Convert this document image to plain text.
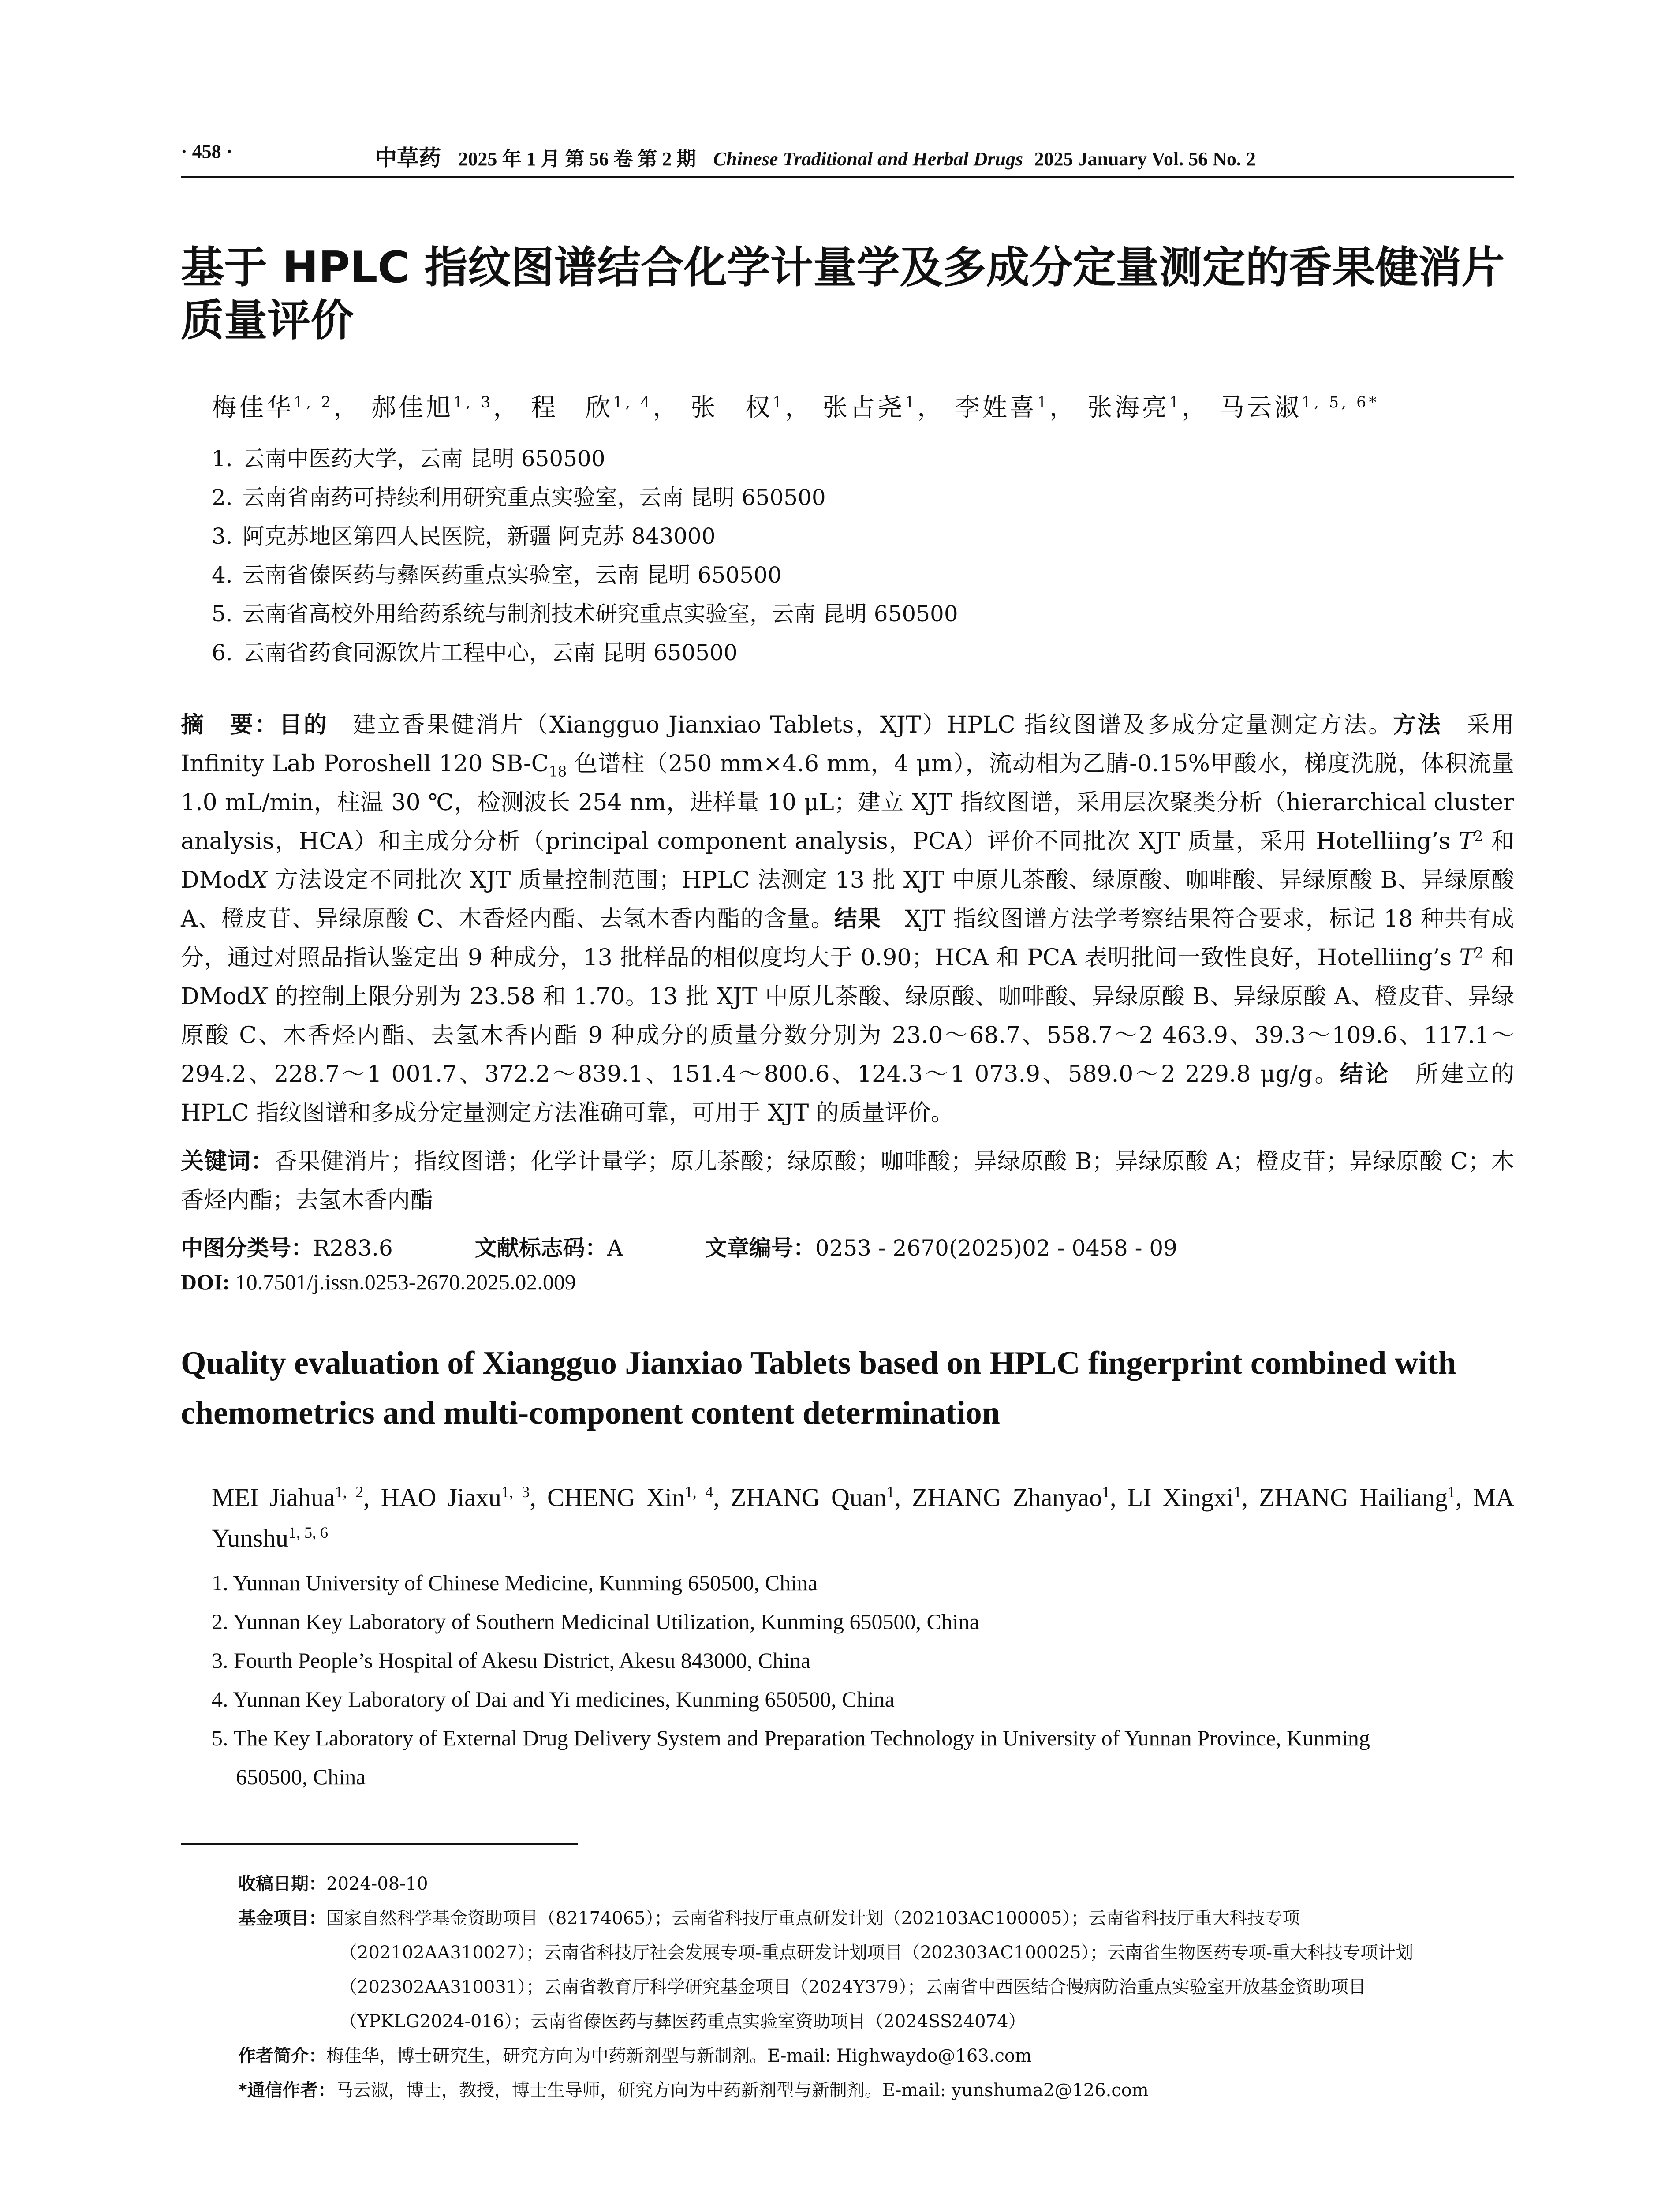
· 458 ·	中草药 2025 年 1 月 第 56 卷 第 2 期 Chinese Traditional and Herbal Drugs 2025 January Vol. 56 No. 2
基于 HPLC 指纹图谱结合化学计量学及多成分定量测定的香果健消片质量评价
梅佳华$^{1, 2}$， 郝佳旭$^{1, 3}$， 程　欣$^{1, 4}$， 张　权$^1$， 张占尧$^1$， 李姓喜$^1$， 张海亮$^1$， 马云淑$^{1, 5, 6*}$
1. 云南中医药大学，云南 昆明 650500
2. 云南省南药可持续利用研究重点实验室，云南 昆明 650500
3. 阿克苏地区第四人民医院，新疆 阿克苏 843000
4. 云南省傣医药与彝医药重点实验室，云南 昆明 650500
5. 云南省高校外用给药系统与制剂技术研究重点实验室，云南 昆明 650500
6. 云南省药食同源饮片工程中心，云南 昆明 650500
摘　要：目的　建立香果健消片（Xiangguo Jianxiao Tablets，XJT）HPLC 指纹图谱及多成分定量测定方法。方法　采用 Infinity Lab Poroshell 120 $SB-C_{18}$ 色谱柱（250 mm×4.6 mm，4 μm），流动相为乙腈-0.15%甲酸水，梯度洗脱，体积流量 1.0 mL/min，柱温 30 ℃，检测波长 254 nm，进样量 10 μL；建立 XJT 指纹图谱，采用层次聚类分析（hierarchical cluster analysis，HCA）和主成分分析（principal component analysis，PCA）评价不同批次 XJT 质量，采用 Hotelliing’s $T^2$ 和 DModX 方法设定不同批次 XJT 质量控制范围；HPLC 法测定 13 批 XJT 中原儿茶酸、绿原酸、咖啡酸、异绿原酸 B、异绿原酸 A、橙皮苷、异绿原酸 C、木香烃内酯、去氢木香内酯的含量。结果　XJT 指纹图谱方法学考察结果符合要求，标记 18 种共有成分，通过对照品指认鉴定出 9 种成分，13 批样品的相似度均大于 0.90；HCA 和 PCA 表明批间一致性良好，Hotelliing’s $T^2$ 和 DModX 的控制上限分别为 23.58 和 1.70。13 批 XJT 中原儿茶酸、绿原酸、咖啡酸、异绿原酸 B、异绿原酸 A、橙皮苷、异绿原酸 C、木香烃内酯、去氢木香内酯 9 种成分的质量分数分别为 23.0～68.7、558.7～2 463.9、39.3～109.6、117.1～294.2、228.7～1 001.7、372.2～839.1、151.4～800.6、124.3～1 073.9、589.0～2 229.8 μg/g。结论　所建立的 HPLC 指纹图谱和多成分定量测定方法准确可靠，可用于 XJT 的质量评价。
关键词：香果健消片；指纹图谱；化学计量学；原儿茶酸；绿原酸；咖啡酸；异绿原酸 B；异绿原酸 A；橙皮苷；异绿原酸 C；木香烃内酯；去氢木香内酯
中图分类号：R283.6	文献标志码：A	文章编号：0253 - 2670(2025)02 - 0458 - 09
DOI: 10.7501/j.issn.0253-2670.2025.02.009
Quality evaluation of Xiangguo Jianxiao Tablets based on HPLC fingerprint combined with chemometrics and multi-component content determination
MEI Jiahua$^{1, 2}$, HAO Jiaxu$^{1, 3}$, CHENG Xin$^{1, 4}$, ZHANG Quan$^1$, ZHANG Zhanyao$^1$, LI Xingxi$^1$, ZHANG Hailiang$^1$, MA Yunshu$^{1, 5, 6}$
1. Yunnan University of Chinese Medicine, Kunming 650500, China
2. Yunnan Key Laboratory of Southern Medicinal Utilization, Kunming 650500, China
3. Fourth People’s Hospital of Akesu District, Akesu 843000, China
4. Yunnan Key Laboratory of Dai and Yi medicines, Kunming 650500, China
5. The Key Laboratory of External Drug Delivery System and Preparation Technology in University of Yunnan Province, Kunming
650500, China
收稿日期：2024-08-10
基金项目：国家自然科学基金资助项目（82174065）；云南省科技厅重点研发计划（202103AC100005）；云南省科技厅重大科技专项
（202102AA310027）；云南省科技厅社会发展专项-重点研发计划项目（202303AC100025）；云南省生物医药专项-重大科技专项计划
（202302AA310031）；云南省教育厅科学研究基金项目（2024Y379）；云南省中西医结合慢病防治重点实验室开放基金资助项目
（YPKLG2024-016）；云南省傣医药与彝医药重点实验室资助项目（2024SS24074）
作者简介：梅佳华，博士研究生，研究方向为中药新剂型与新制剂。E-mail: Highwaydo@163.com
*通信作者：马云淑，博士，教授，博士生导师，研究方向为中药新剂型与新制剂。E-mail: yunshuma2@126.com
